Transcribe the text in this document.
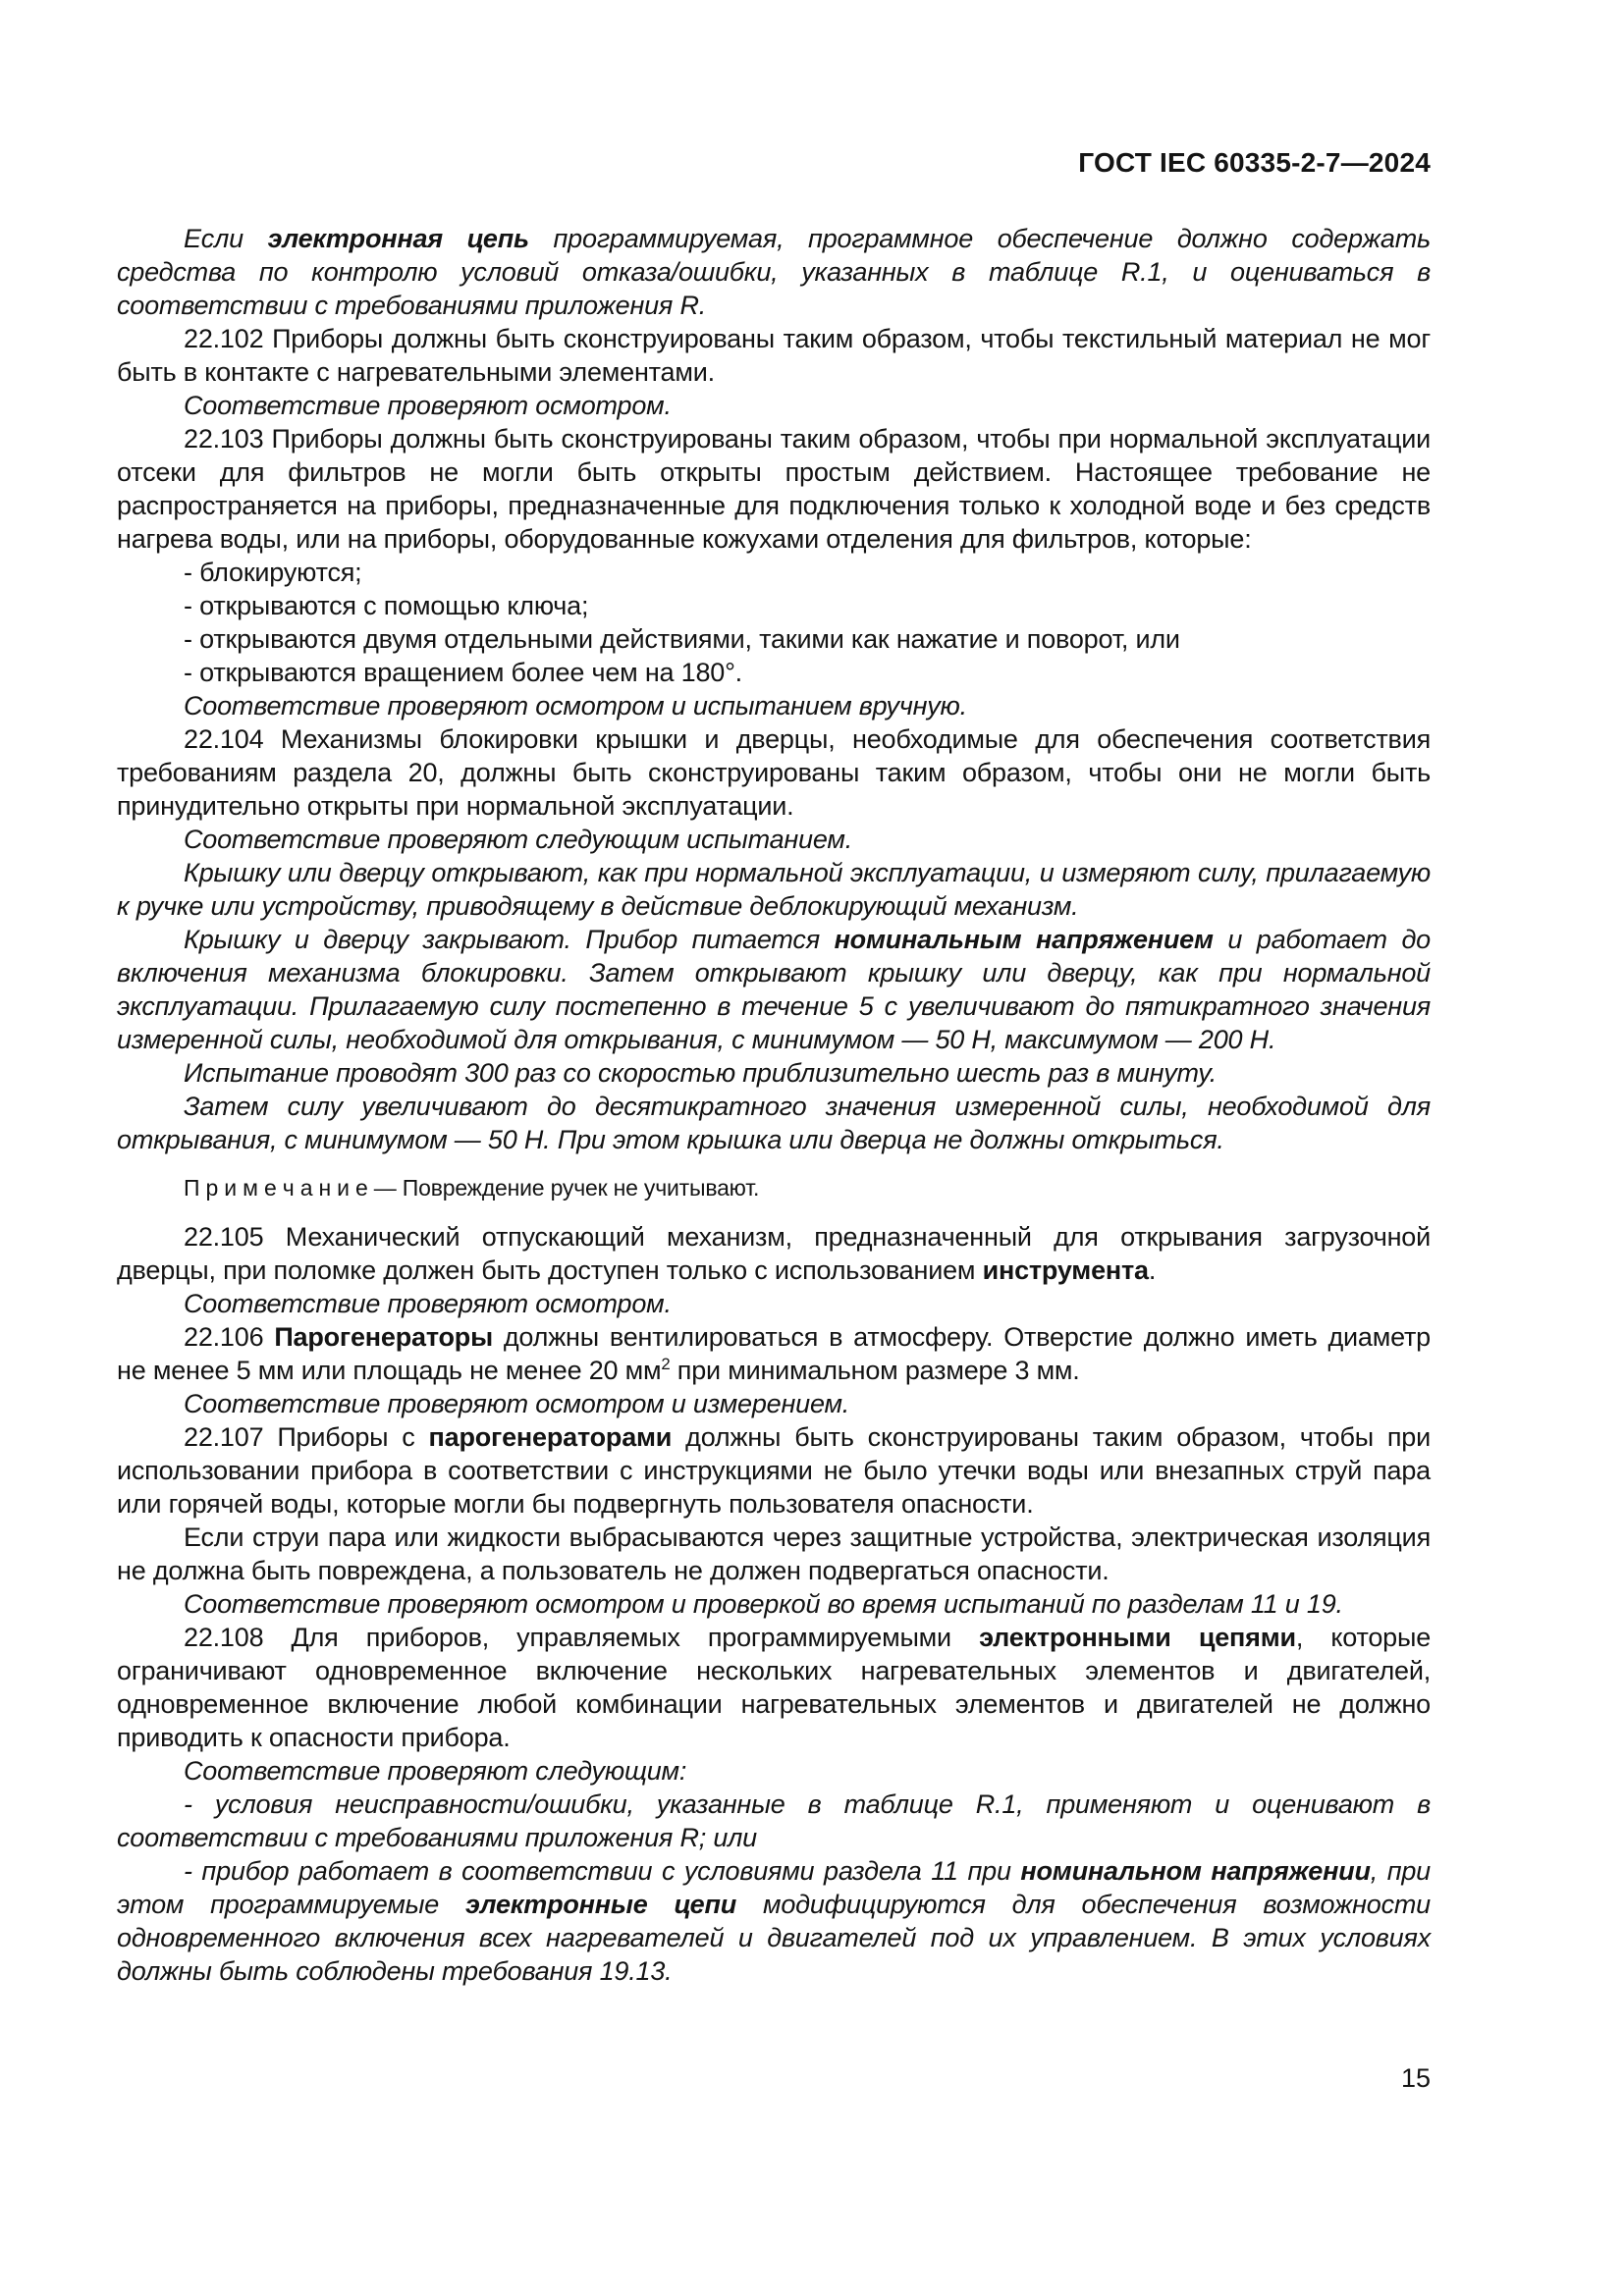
ГОСТ IEC 60335-2-7—2024

Если электронная цепь программируемая, программное обеспечение должно содержать средства по контролю условий отказа/ошибки, указанных в таблице R.1, и оцениваться в соответствии с требованиями приложения R.

22.102 Приборы должны быть сконструированы таким образом, чтобы текстильный материал не мог быть в контакте с нагревательными элементами.

Соответствие проверяют осмотром.

22.103 Приборы должны быть сконструированы таким образом, чтобы при нормальной эксплуатации отсеки для фильтров не могли быть открыты простым действием. Настоящее требование не распространяется на приборы, предназначенные для подключения только к холодной воде и без средств нагрева воды, или на приборы, оборудованные кожухами отделения для фильтров, которые:

- блокируются;

- открываются с помощью ключа;

- открываются двумя отдельными действиями, такими как нажатие и поворот, или

- открываются вращением более чем на 180°.

Соответствие проверяют осмотром и испытанием вручную.

22.104 Механизмы блокировки крышки и дверцы, необходимые для обеспечения соответствия требованиям раздела 20, должны быть сконструированы таким образом, чтобы они не могли быть принудительно открыты при нормальной эксплуатации.

Соответствие проверяют следующим испытанием.

Крышку или дверцу открывают, как при нормальной эксплуатации, и измеряют силу, прилагаемую к ручке или устройству, приводящему в действие деблокирующий механизм.

Крышку и дверцу закрывают. Прибор питается номинальным напряжением и работает до включения механизма блокировки. Затем открывают крышку или дверцу, как при нормальной эксплуатации. Прилагаемую силу постепенно в течение 5 с увеличивают до пятикратного значения измеренной силы, необходимой для открывания, с минимумом — 50 Н, максимумом — 200 Н.

Испытание проводят 300 раз со скоростью приблизительно шесть раз в минуту.

Затем силу увеличивают до десятикратного значения измеренной силы, необходимой для открывания, с минимумом — 50 Н. При этом крышка или дверца не должны открыться.

П р и м е ч а н и е — Повреждение ручек не учитывают.

22.105 Механический отпускающий механизм, предназначенный для открывания загрузочной дверцы, при поломке должен быть доступен только с использованием инструмента.

Соответствие проверяют осмотром.

22.106 Парогенераторы должны вентилироваться в атмосферу. Отверстие должно иметь диаметр не менее 5 мм или площадь не менее 20 $мм^2$ при минимальном размере 3 мм.

Соответствие проверяют осмотром и измерением.

22.107 Приборы с парогенераторами должны быть сконструированы таким образом, чтобы при использовании прибора в соответствии с инструкциями не было утечки воды или внезапных струй пара или горячей воды, которые могли бы подвергнуть пользователя опасности.

Если струи пара или жидкости выбрасываются через защитные устройства, электрическая изоляция не должна быть повреждена, а пользователь не должен подвергаться опасности.

Соответствие проверяют осмотром и проверкой во время испытаний по разделам 11 и 19.

22.108 Для приборов, управляемых программируемыми электронными цепями, которые ограничивают одновременное включение нескольких нагревательных элементов и двигателей, одновременное включение любой комбинации нагревательных элементов и двигателей не должно приводить к опасности прибора.

Соответствие проверяют следующим:

- условия неисправности/ошибки, указанные в таблице R.1, применяют и оценивают в соответствии с требованиями приложения R; или

- прибор работает в соответствии с условиями раздела 11 при номинальном напряжении, при этом программируемые электронные цепи модифицируются для обеспечения возможности одновременного включения всех нагревателей и двигателей под их управлением. В этих условиях должны быть соблюдены требования 19.13.

15
